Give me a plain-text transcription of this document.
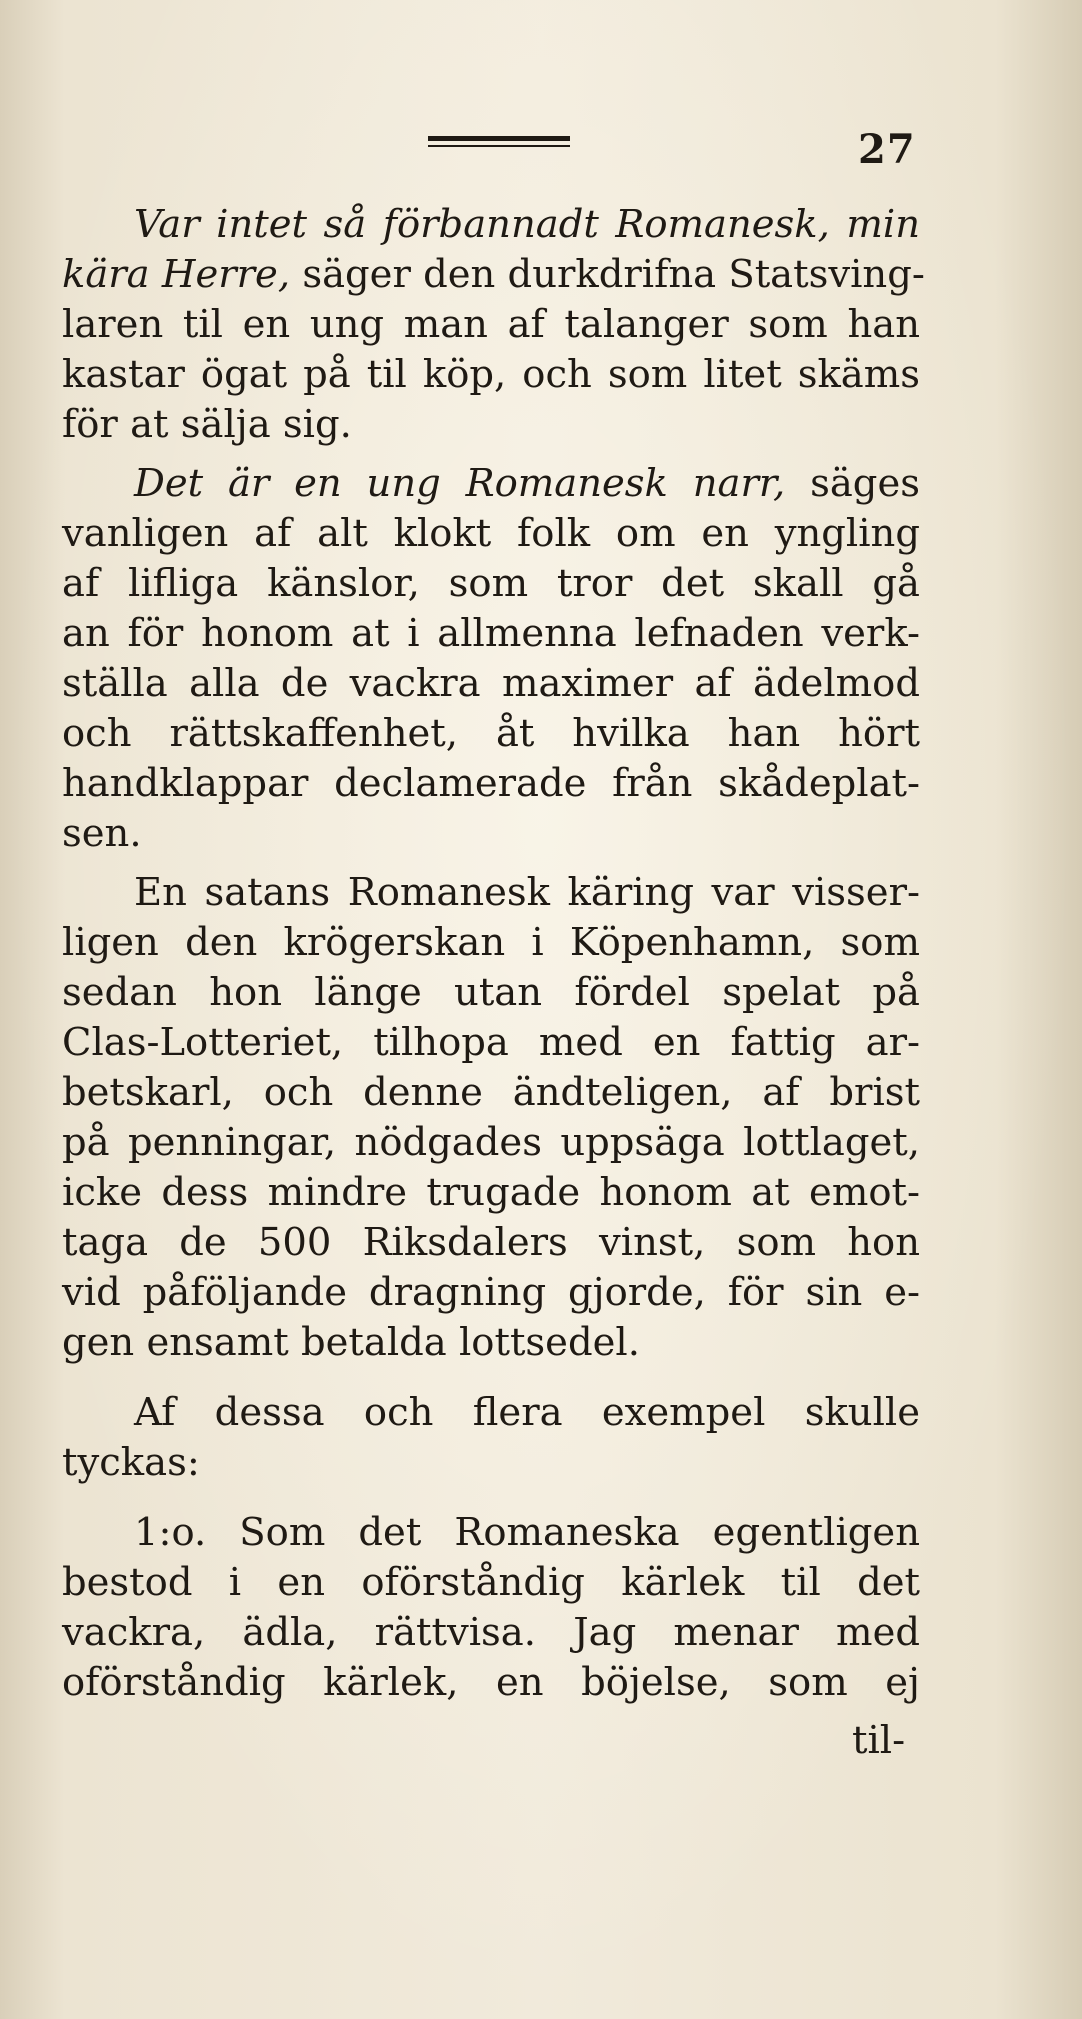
27
Var intet så förbannadt Romanesk, min
kära Herre, säger den durkdrifna Statsving-
laren til en ung man af talanger som han
kastar ögat på til köp, och som litet skäms
för at sälja sig.
Det är en ung Romanesk narr, säges
vanligen af alt klokt folk om en yngling
af lifliga känslor, som tror det skall gå
an för honom at i allmenna lefnaden verk-
ställa alla de vackra maximer af ädelmod
och rättskaffenhet, åt hvilka han hört
handklappar declamerade från skådeplat-
sen.
En satans Romanesk käring var visser-
ligen den krögerskan i Köpenhamn, som
sedan hon länge utan fördel spelat på
Clas-Lotteriet, tilhopa med en fattig ar-
betskarl, och denne ändteligen, af brist
på penningar, nödgades uppsäga lottlaget,
icke dess mindre trugade honom at emot-
taga de 500 Riksdalers vinst, som hon
vid påföljande dragning gjorde, för sin e-
gen ensamt betalda lottsedel.
Af dessa och flera exempel skulle
tyckas:
1:o. Som det Romaneska egentligen
bestod i en oförståndig kärlek til det
vackra, ädla, rättvisa. Jag menar med
oförståndig kärlek, en böjelse, som ej
til-
